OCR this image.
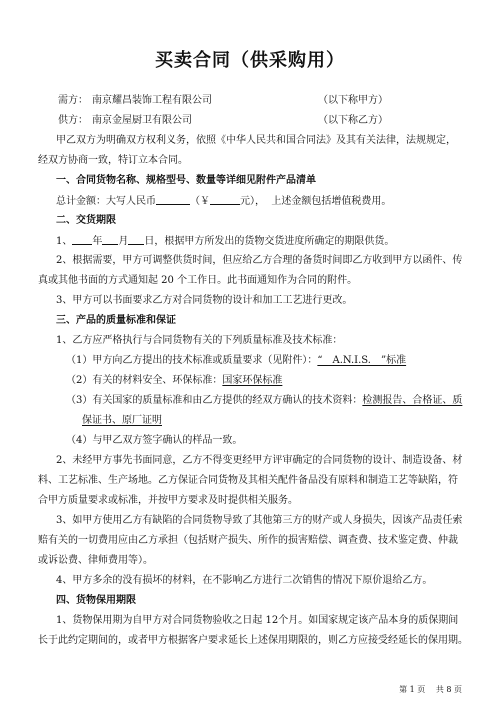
买卖合同（供采购用）
需方： 南京耀昌装饰工程有限公司	（以下称甲方）
供方： 南京金屋厨卫有限公司	（以下称乙方）
甲乙双方为明确双方权利义务，依照《中华人民共和国合同法》及其有关法律，法规规定，
经双方协商一致，特订立本合同。
一、合同货物名称、规格型号、数量等详细见附件产品清单
总计金额：大写人民币	（￥	元）， 上述金额包括增值税费用。
二、交货期限
1、 年 月 日，根据甲方所发出的货物交货进度所确定的期限供货。
2、根据需要，甲方可调整供货时间，但应给乙方合理的备货时间即乙方收到甲方以函件、传
真或其他书面的方式通知起 20 个工作日。此书面通知作为合同的附件。
3、甲方可以书面要求乙方对合同货物的设计和加工工艺进行更改。
三、产品的质量标准和保证
1、乙方应严格执行与合同货物有关的下列质量标准及技术标准：
（1）甲方向乙方提出的技术标准或质量要求（见附件）：“　A.N.I.S.　”标准
（2）有关的材料安全、环保标准：国家环保标准
（3）有关国家的质量标准和由乙方提供的经双方确认的技术资料：检测报告、合格证、质
保证书、原厂证明
（4）与甲乙双方签字确认的样品一致。
2、未经甲方事先书面同意，乙方不得变更经甲方评审确定的合同货物的设计、制造设备、材
料、工艺标准、生产场地。乙方保证合同货物及其相关配件备品没有原料和制造工艺等缺陷，符
合甲方质量要求或标准，并按甲方要求及时提供相关服务。
3、如甲方使用乙方有缺陷的合同货物导致了其他第三方的财产或人身损失，因该产品责任索
赔有关的一切费用应由乙方承担（包括财产损失、所作的损害赔偿、调查费、技术鉴定费、仲裁
或诉讼费、律师费用等）。
4、甲方多余的没有损坏的材料，在不影响乙方进行二次销售的情况下原价退给乙方。
四、货物保用期限
1、货物保用期为自甲方对合同货物验收之日起 12个月。如国家规定该产品本身的质保期间
长于此约定期间的，或者甲方根据客户要求延长上述保用期限的，则乙方应接受经延长的保用期。
第 1 页 共 8 页
